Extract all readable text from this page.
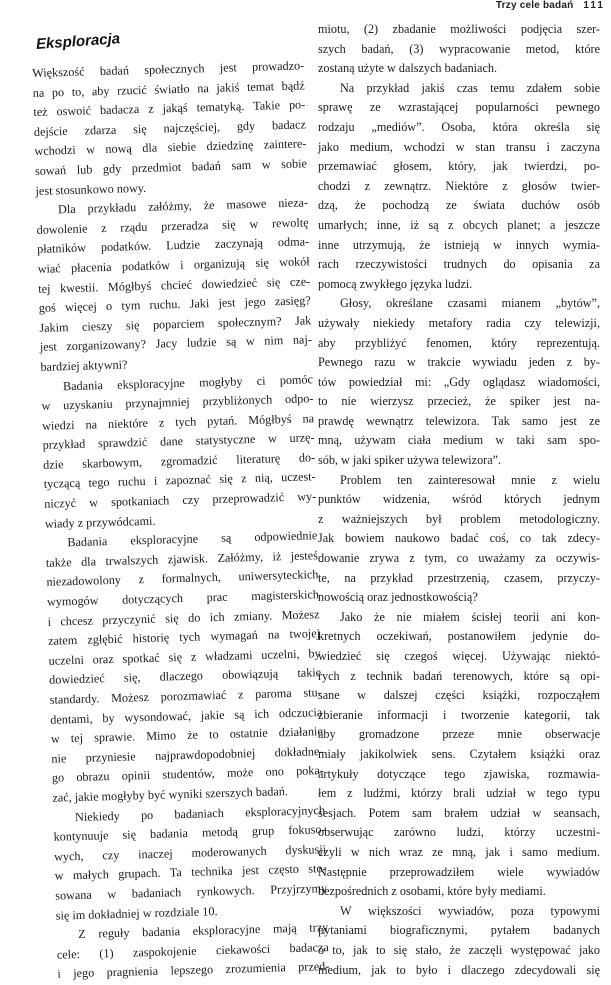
Trzy cele badań 111
Eksploracja
Większość badań społecznych jest prowadzo-
na po to, aby rzucić światło na jakiś temat bądź
też oswoić badacza z jakąś tematyką. Takie po-
dejście zdarza się najczęściej, gdy badacz
wchodzi w nową dla siebie dziedzinę zaintere-
sowań lub gdy przedmiot badań sam w sobie
jest stosunkowo nowy.
Dla przykładu załóżmy, że masowe nieza-
dowolenie z rządu przeradza się w rewoltę
płatników podatków. Ludzie zaczynają odma-
wiać płacenia podatków i organizują się wokół
tej kwestii. Mógłbyś chcieć dowiedzieć się cze-
goś więcej o tym ruchu. Jaki jest jego zasięg?
Jakim cieszy się poparciem społecznym? Jak
jest zorganizowany? Jacy ludzie są w nim naj-
bardziej aktywni?
Badania eksploracyjne mogłyby ci pomóc
w uzyskaniu przynajmniej przybliżonych odpo-
wiedzi na niektóre z tych pytań. Mógłbyś na
przykład sprawdzić dane statystyczne w urzę-
dzie skarbowym, zgromadzić literaturę do-
tyczącą tego ruchu i zapoznać się z nią, uczest-
niczyć w spotkaniach czy przeprowadzić wy-
wiady z przywódcami.
Badania eksploracyjne są odpowiednie
także dla trwalszych zjawisk. Załóżmy, iż jesteś
niezadowolony z formalnych, uniwersyteckich
wymogów dotyczących prac magisterskich
i chcesz przyczynić się do ich zmiany. Możesz
zatem zgłębić historię tych wymagań na twojej
uczelni oraz spotkać się z władzami uczelni, by
dowiedzieć się, dlaczego obowiązują takie
standardy. Możesz porozmawiać z paroma stu-
dentami, by wysondować, jakie są ich odczucia
w tej sprawie. Mimo że to ostatnie działanie
nie przyniesie najprawdopodobniej dokładne-
go obrazu opinii studentów, może ono poka-
zać, jakie mogłyby być wyniki szerszych badań.
Niekiedy po badaniach eksploracyjnych
kontynuuje się badania metodą grup fokuso-
wych, czy inaczej moderowanych dyskusji
w małych grupach. Ta technika jest często sto-
sowana w badaniach rynkowych. Przyjrzymy
się im dokładniej w rozdziale 10.
Z reguły badania eksploracyjne mają trzy
cele: (1) zaspokojenie ciekawości badacza
i jego pragnienia lepszego zrozumienia przed-
miotu, (2) zbadanie możliwości podjęcia szer-
szych badań, (3) wypracowanie metod, które
zostaną użyte w dalszych badaniach.
Na przykład jakiś czas temu zdałem sobie
sprawę ze wzrastającej popularności pewnego
rodzaju „mediów”. Osoba, która określa się
jako medium, wchodzi w stan transu i zaczyna
przemawiać głosem, który, jak twierdzi, po-
chodzi z zewnątrz. Niektóre z głosów twier-
dzą, że pochodzą ze świata duchów osób
umarłych; inne, iż są z obcych planet; a jeszcze
inne utrzymują, że istnieją w innych wymia-
rach rzeczywistości trudnych do opisania za
pomocą zwykłego języka ludzi.
Głosy, określane czasami mianem „bytów”,
używały niekiedy metafory radia czy telewizji,
aby przybliżyć fenomen, który reprezentują.
Pewnego razu w trakcie wywiadu jeden z by-
tów powiedział mi: „Gdy oglądasz wiadomości,
to nie wierzysz przecież, że spiker jest na-
prawdę wewnątrz telewizora. Tak samo jest ze
mną, używam ciała medium w taki sam spo-
sób, w jaki spiker używa telewizora”.
Problem ten zainteresował mnie z wielu
punktów widzenia, wśród których jednym
z ważniejszych był problem metodologiczny.
Jak bowiem naukowo badać coś, co tak zdecy-
dowanie zrywa z tym, co uważamy za oczywis-
te, na przykład przestrzenią, czasem, przyczy-
nowością oraz jednostkowością?
Jako że nie miałem ścisłej teorii ani kon-
kretnych oczekiwań, postanowiłem jedynie do-
wiedzieć się czegoś więcej. Używając niektó-
rych z technik badań terenowych, które są opi-
sane w dalszej części książki, rozpocząłem
zbieranie informacji i tworzenie kategorii, tak
aby gromadzone przeze mnie obserwacje
miały jakikolwiek sens. Czytałem książki oraz
artykuły dotyczące tego zjawiska, rozmawia-
łem z ludźmi, którzy brali udział w tego typu
sesjach. Potem sam brałem udział w seansach,
obserwując zarówno ludzi, którzy uczestni-
czyli w nich wraz ze mną, jak i samo medium.
Następnie przeprowadziłem wiele wywiadów
bezpośrednich z osobami, które były mediami.
W większości wywiadów, poza typowymi
pytaniami biograficznymi, pytałem badanych
o to, jak to się stało, że zaczęli występować jako
medium, jak to było i dlaczego zdecydowali się
